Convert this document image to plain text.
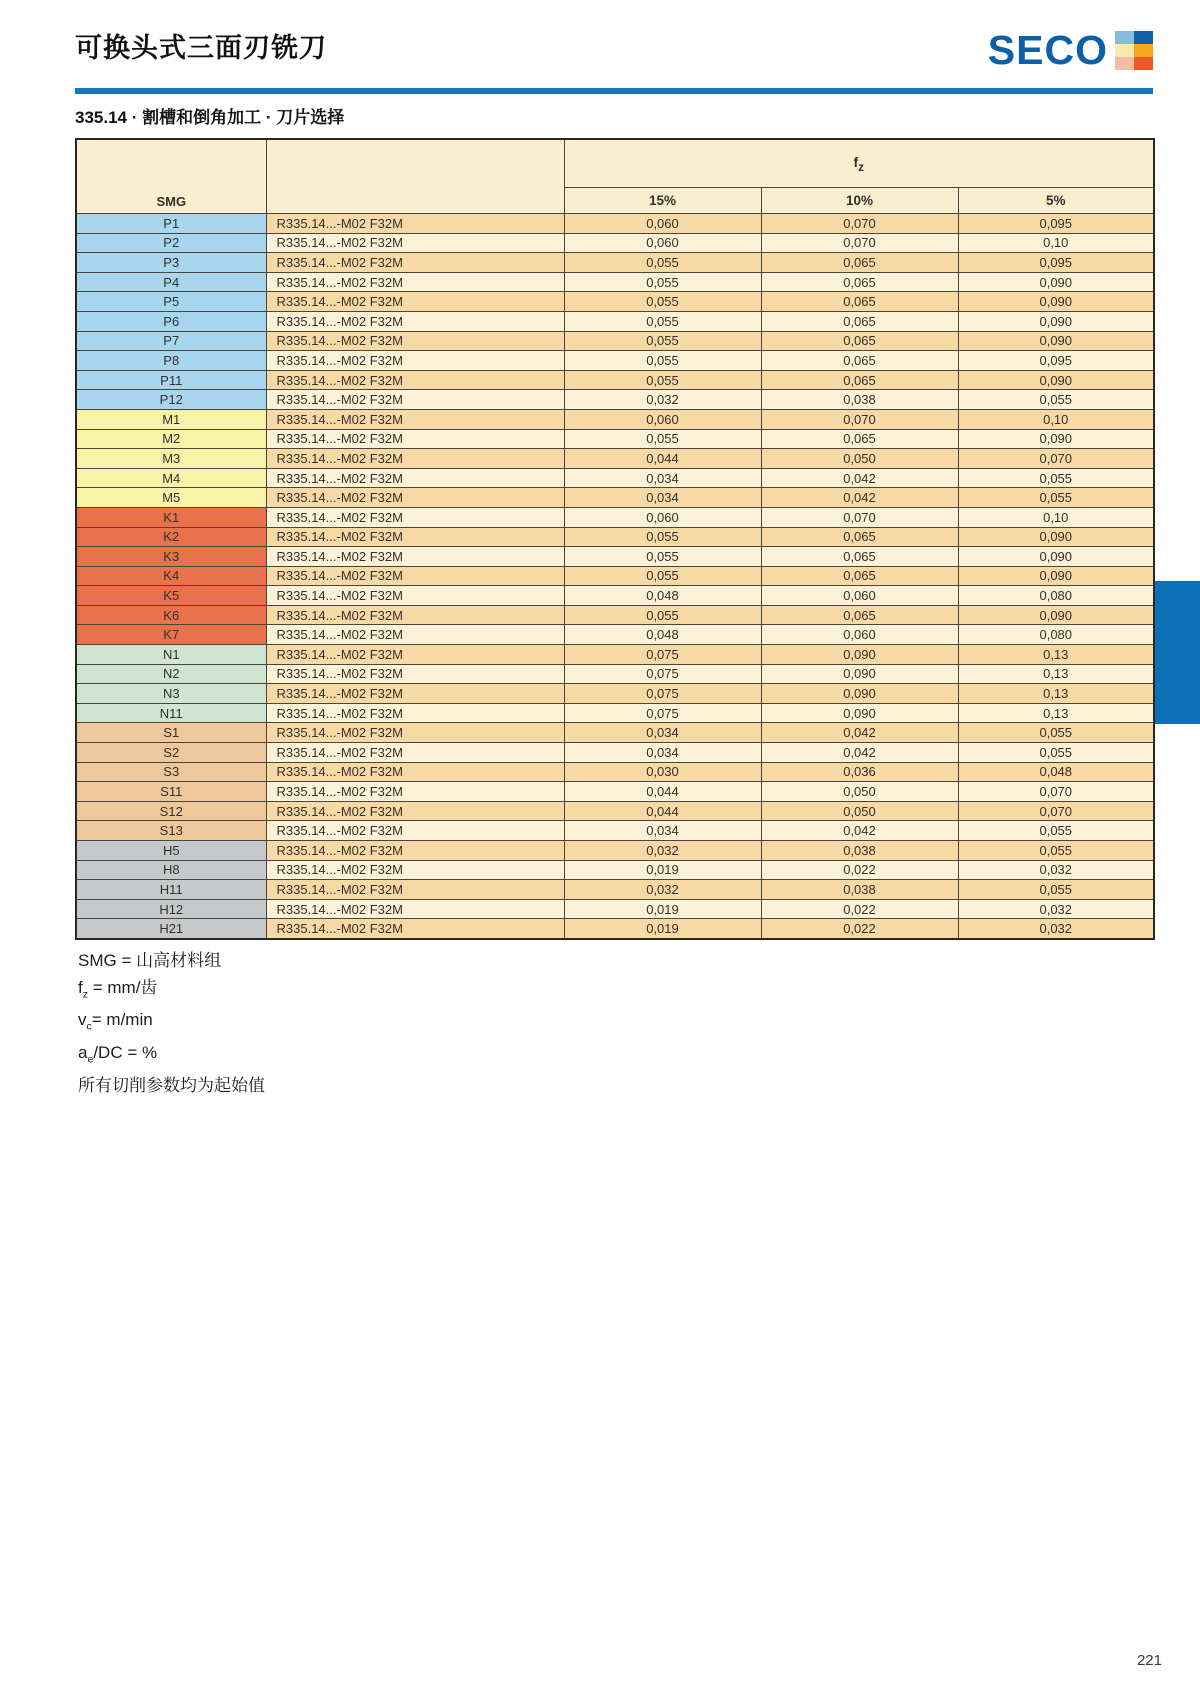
可换头式三面刃铣刀	SECO
335.14 · 割槽和倒角加工 · 刀片选择
SMG		$f_z$
		15%	10%	5%
P1	R335.14...-M02 F32M	0,060	0,070	0,095
P2	R335.14...-M02 F32M	0,060	0,070	0,10
P3	R335.14...-M02 F32M	0,055	0,065	0,095
P4	R335.14...-M02 F32M	0,055	0,065	0,090
P5	R335.14...-M02 F32M	0,055	0,065	0,090
P6	R335.14...-M02 F32M	0,055	0,065	0,090
P7	R335.14...-M02 F32M	0,055	0,065	0,090
P8	R335.14...-M02 F32M	0,055	0,065	0,095
P11	R335.14...-M02 F32M	0,055	0,065	0,090
P12	R335.14...-M02 F32M	0,032	0,038	0,055
M1	R335.14...-M02 F32M	0,060	0,070	0,10
M2	R335.14...-M02 F32M	0,055	0,065	0,090
M3	R335.14...-M02 F32M	0,044	0,050	0,070
M4	R335.14...-M02 F32M	0,034	0,042	0,055
M5	R335.14...-M02 F32M	0,034	0,042	0,055
K1	R335.14...-M02 F32M	0,060	0,070	0,10
K2	R335.14...-M02 F32M	0,055	0,065	0,090
K3	R335.14...-M02 F32M	0,055	0,065	0,090
K4	R335.14...-M02 F32M	0,055	0,065	0,090
K5	R335.14...-M02 F32M	0,048	0,060	0,080
K6	R335.14...-M02 F32M	0,055	0,065	0,090
K7	R335.14...-M02 F32M	0,048	0,060	0,080
N1	R335.14...-M02 F32M	0,075	0,090	0,13
N2	R335.14...-M02 F32M	0,075	0,090	0,13
N3	R335.14...-M02 F32M	0,075	0,090	0,13
N11	R335.14...-M02 F32M	0,075	0,090	0,13
S1	R335.14...-M02 F32M	0,034	0,042	0,055
S2	R335.14...-M02 F32M	0,034	0,042	0,055
S3	R335.14...-M02 F32M	0,030	0,036	0,048
S11	R335.14...-M02 F32M	0,044	0,050	0,070
S12	R335.14...-M02 F32M	0,044	0,050	0,070
S13	R335.14...-M02 F32M	0,034	0,042	0,055
H5	R335.14...-M02 F32M	0,032	0,038	0,055
H8	R335.14...-M02 F32M	0,019	0,022	0,032
H11	R335.14...-M02 F32M	0,032	0,038	0,055
H12	R335.14...-M02 F32M	0,019	0,022	0,032
H21	R335.14...-M02 F32M	0,019	0,022	0,032
SMG = 山高材料组
$f_z = mm/$齿
$v_c= m/\min$
$a_e/DC$ = %
所有切削参数均为起始值
221
